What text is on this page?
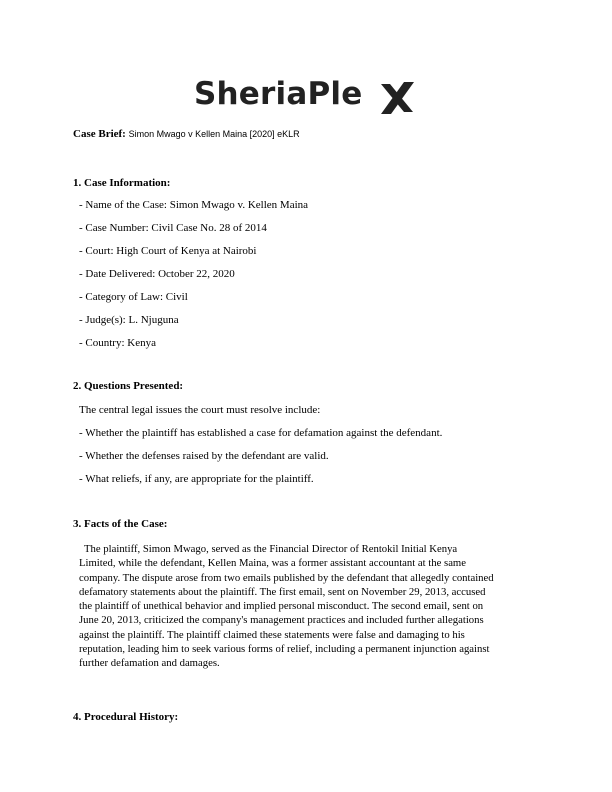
SheriaPle
Case Brief: Simon Mwago v Kellen Maina [2020] eKLR
1. Case Information:
- Name of the Case: Simon Mwago v. Kellen Maina
- Case Number: Civil Case No. 28 of 2014
- Court: High Court of Kenya at Nairobi
- Date Delivered: October 22, 2020
- Category of Law: Civil
- Judge(s): L. Njuguna
- Country: Kenya
2. Questions Presented:
The central legal issues the court must resolve include:
- Whether the plaintiff has established a case for defamation against the defendant.
- Whether the defenses raised by the defendant are valid.
- What reliefs, if any, are appropriate for the plaintiff.
3. Facts of the Case:
The plaintiff, Simon Mwago, served as the Financial Director of Rentokil Initial Kenya
Limited, while the defendant, Kellen Maina, was a former assistant accountant at the same
company. The dispute arose from two emails published by the defendant that allegedly contained
defamatory statements about the plaintiff. The first email, sent on November 29, 2013, accused
the plaintiff of unethical behavior and implied personal misconduct. The second email, sent on
June 20, 2013, criticized the company's management practices and included further allegations
against the plaintiff. The plaintiff claimed these statements were false and damaging to his
reputation, leading him to seek various forms of relief, including a permanent injunction against
further defamation and damages.
4. Procedural History:
